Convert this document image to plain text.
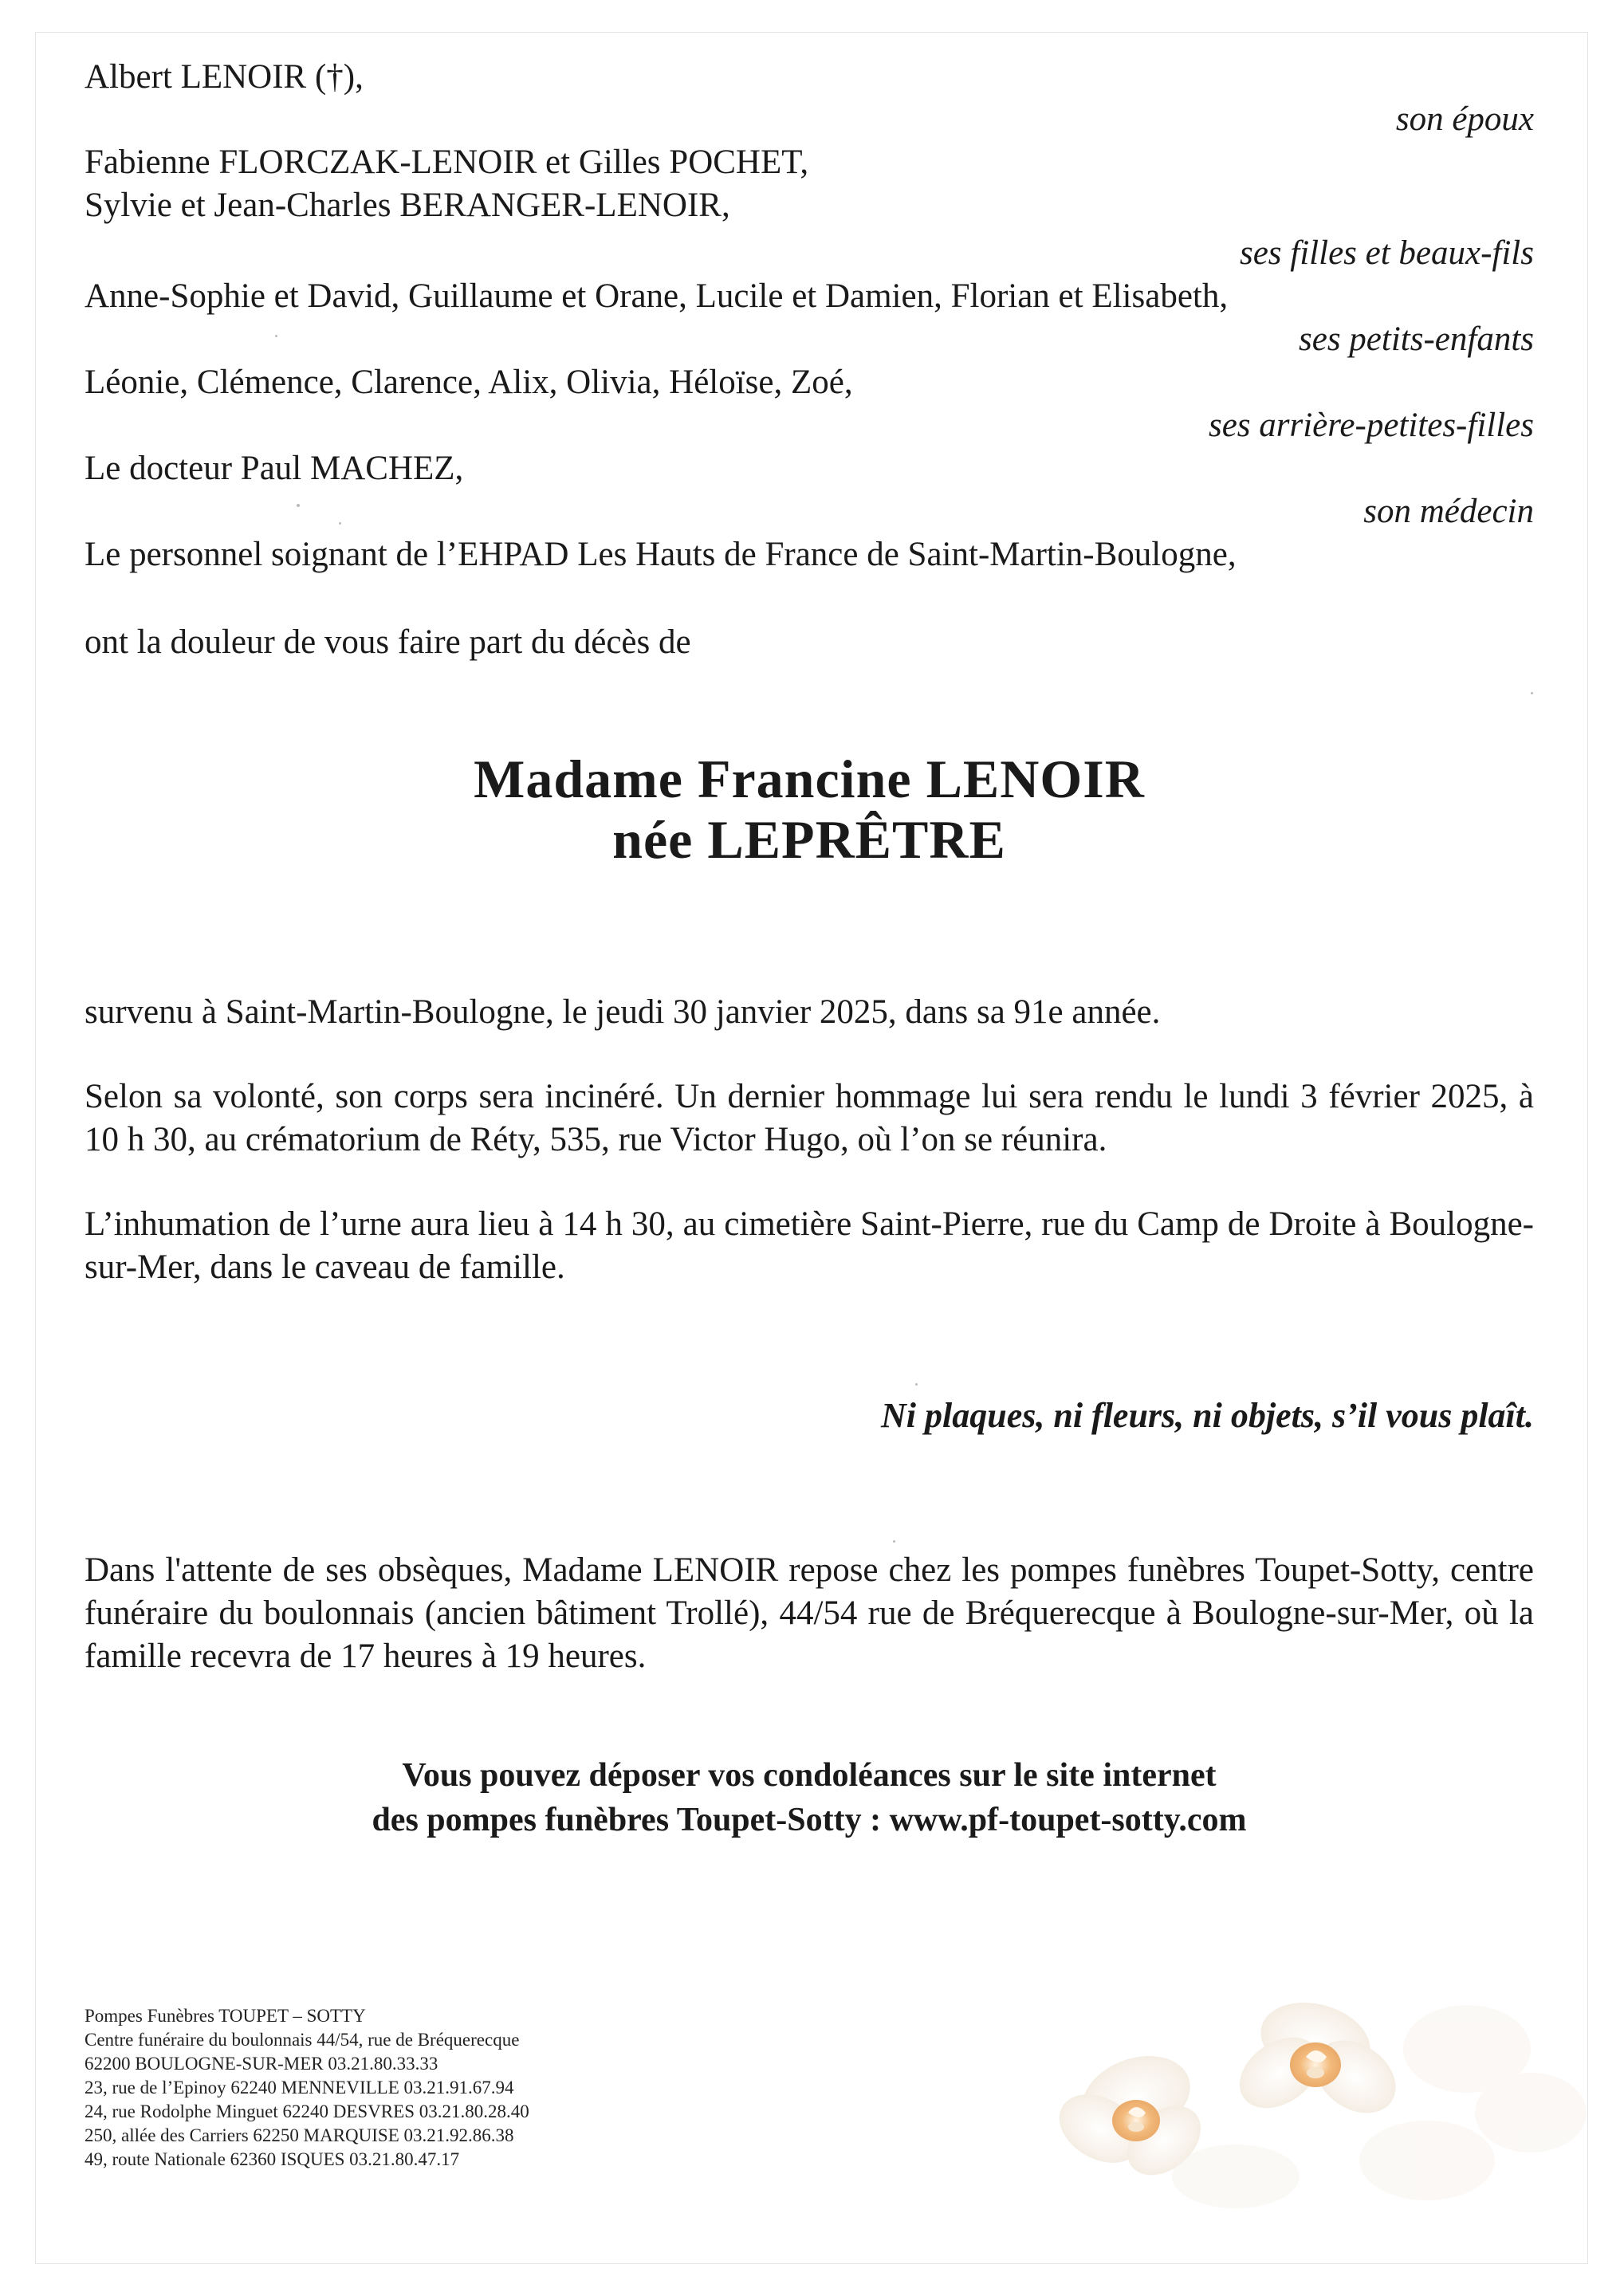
Albert LENOIR (†),
son époux
Fabienne FLORCZAK-LENOIR et Gilles POCHET,
Sylvie et Jean-Charles BERANGER-LENOIR,
ses filles et beaux-fils
Anne-Sophie et David, Guillaume et Orane, Lucile et Damien, Florian et Elisabeth,
ses petits-enfants
Léonie, Clémence, Clarence, Alix, Olivia, Héloïse, Zoé,
ses arrière-petites-filles
Le docteur Paul MACHEZ,
son médecin
Le personnel soignant de l’EHPAD Les Hauts de France de Saint-Martin-Boulogne,
ont la douleur de vous faire part du décès de
Madame Francine LENOIR
née LEPRÊTRE
survenu à Saint-Martin-Boulogne, le jeudi 30 janvier 2025, dans sa 91e année.
Selon sa volonté, son corps sera incinéré. Un dernier hommage lui sera rendu le lundi 3 février 2025, à 10 h 30, au crématorium de Réty, 535, rue Victor Hugo, où l’on se réunira.
L’inhumation de l’urne aura lieu à 14 h 30, au cimetière Saint-Pierre, rue du Camp de Droite à Boulogne-sur-Mer, dans le caveau de famille.
Ni plaques, ni fleurs, ni objets, s’il vous plaît.
Dans l'attente de ses obsèques, Madame LENOIR repose chez les pompes funèbres Toupet-Sotty, centre funéraire du boulonnais (ancien bâtiment Trollé), 44/54 rue de Bréquerecque à Boulogne-sur-Mer, où la famille recevra de 17 heures à 19 heures.
Vous pouvez déposer vos condoléances sur le site internet
des pompes funèbres Toupet-Sotty : www.pf-toupet-sotty.com
Pompes Funèbres TOUPET – SOTTY
Centre funéraire du boulonnais 44/54, rue de Bréquerecque
62200 BOULOGNE-SUR-MER 03.21.80.33.33
23, rue de l’Epinoy 62240 MENNEVILLE 03.21.91.67.94
24, rue Rodolphe Minguet 62240 DESVRES 03.21.80.28.40
250, allée des Carriers 62250 MARQUISE 03.21.92.86.38
49, route Nationale 62360 ISQUES 03.21.80.47.17
